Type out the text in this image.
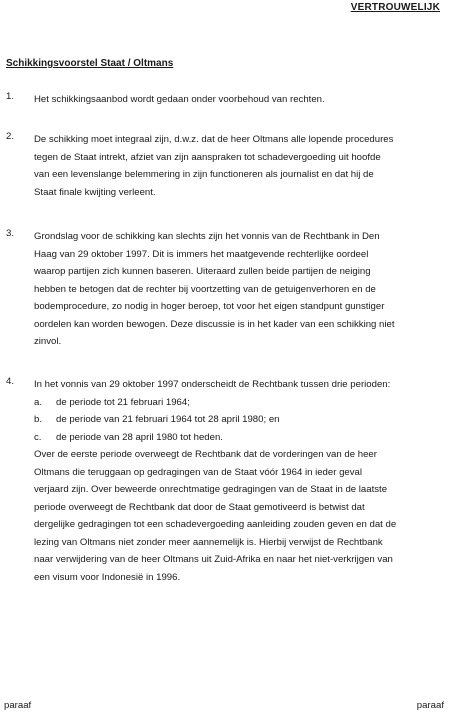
VERTROUWELIJK
Schikkingsvoorstel Staat / Oltmans
1. Het schikkingsaanbod wordt gedaan onder voorbehoud van rechten.
2. De schikking moet integraal zijn, d.w.z. dat de heer Oltmans alle lopende procedures
tegen de Staat intrekt, afziet van zijn aanspraken tot schadevergoeding uit hoofde
van een levenslange belemmering in zijn functioneren als journalist en dat hij de
Staat finale kwijting verleent.
3. Grondslag voor de schikking kan slechts zijn het vonnis van de Rechtbank in Den
Haag van 29 oktober 1997. Dit is immers het maatgevende rechterlijke oordeel
waarop partijen zich kunnen baseren. Uiteraard zullen beide partijen de neiging
hebben te betogen dat de rechter bij voortzetting van de getuigenverhoren en de
bodemprocedure, zo nodig in hoger beroep, tot voor het eigen standpunt gunstiger
oordelen kan worden bewogen. Deze discussie is in het kader van een schikking niet
zinvol.
4. In het vonnis van 29 oktober 1997 onderscheidt de Rechtbank tussen drie perioden:
a.	de periode tot 21 februari 1964;
b.	de periode van 21 februari 1964 tot 28 april 1980; en
c.	de periode van 28 april 1980 tot heden.
Over de eerste periode overweegt de Rechtbank dat de vorderingen van de heer
Oltmans die teruggaan op gedragingen van de Staat vóór 1964 in ieder geval
verjaard zijn. Over beweerde onrechtmatige gedragingen van de Staat in de laatste
periode overweegt de Rechtbank dat door de Staat gemotiveerd is betwist dat
dergelijke gedragingen tot een schadevergoeding aanleiding zouden geven en dat de
lezing van Oltmans niet zonder meer aannemelijk is. Hierbij verwijst de Rechtbank
naar verwijdering van de heer Oltmans uit Zuid-Afrika en naar het niet-verkrijgen van
een visum voor Indonesië in 1996.
paraaf	paraaf
